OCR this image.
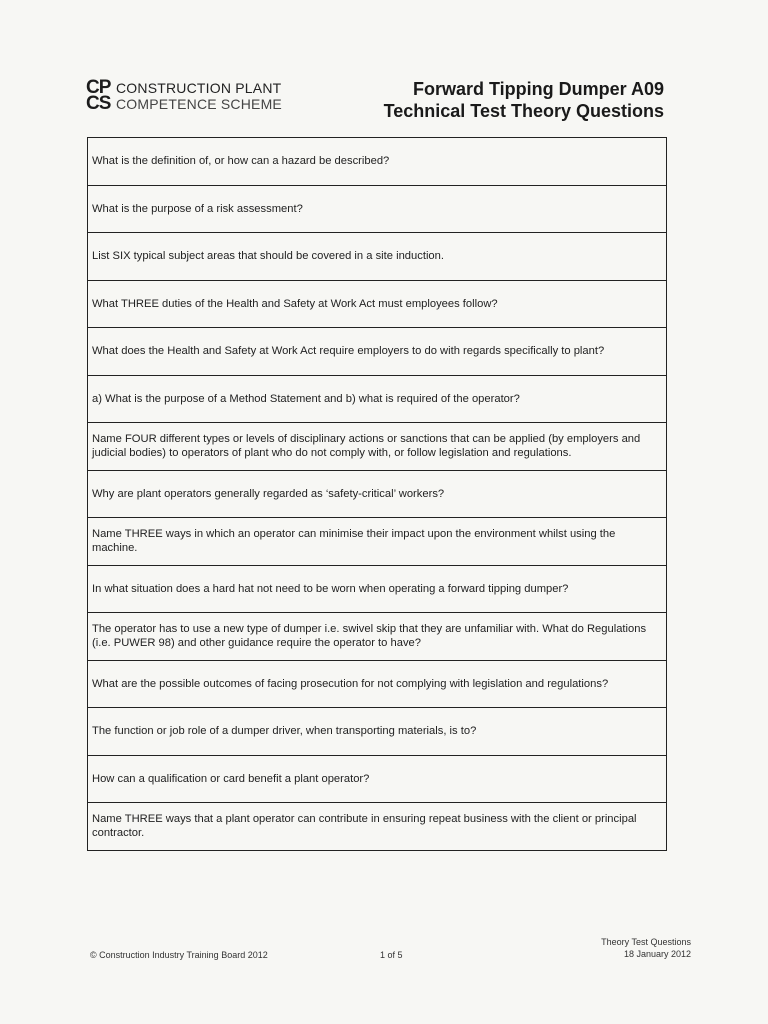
CP CONSTRUCTION PLANT
CS COMPETENCE SCHEME
Forward Tipping Dumper A09
Technical Test Theory Questions
What is the definition of, or how can a hazard be described?
What is the purpose of a risk assessment?
List SIX typical subject areas that should be covered in a site induction.
What THREE duties of the Health and Safety at Work Act must employees follow?
What does the Health and Safety at Work Act require employers to do with regards specifically to plant?
a) What is the purpose of a Method Statement and b) what is required of the operator?
Name FOUR different types or levels of disciplinary actions or sanctions that can be applied (by employers and judicial bodies) to operators of plant who do not comply with, or follow legislation and regulations.
Why are plant operators generally regarded as ‘safety-critical’ workers?
Name THREE ways in which an operator can minimise their impact upon the environment whilst using the machine.
In what situation does a hard hat not need to be worn when operating a forward tipping dumper?
The operator has to use a new type of dumper i.e. swivel skip that they are unfamiliar with. What do Regulations (i.e. PUWER 98) and other guidance require the operator to have?
What are the possible outcomes of facing prosecution for not complying with legislation and regulations?
The function or job role of a dumper driver, when transporting materials, is to?
How can a qualification or card benefit a plant operator?
Name THREE ways that a plant operator can contribute in ensuring repeat business with the client or principal contractor.
© Construction Industry Training Board 2012	1 of 5
Theory Test Questions
18 January 2012
